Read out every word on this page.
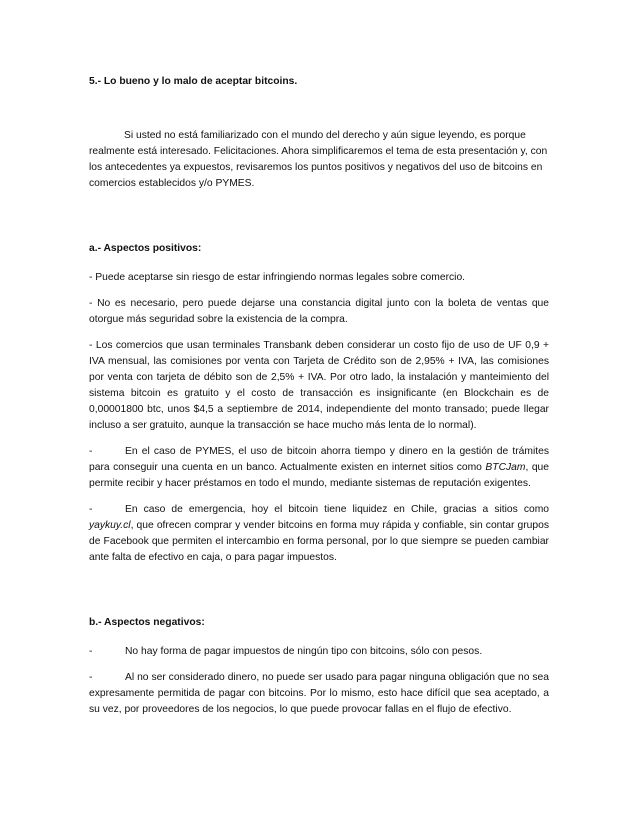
5.- Lo bueno y lo malo de aceptar bitcoins.

Si usted no está familiarizado con el mundo del derecho y aún sigue leyendo, es porque realmente está interesado. Felicitaciones. Ahora simplificaremos el tema de esta presentación y, con los antecedentes ya expuestos, revisaremos los puntos positivos y negativos del uso de bitcoins en comercios establecidos y/o PYMES.

a.- Aspectos positivos:

- Puede aceptarse sin riesgo de estar infringiendo normas legales sobre comercio.

- No es necesario, pero puede dejarse una constancia digital junto con la boleta de ventas que otorgue más seguridad sobre la existencia de la compra.

- Los comercios que usan terminales Transbank deben considerar un costo fijo de uso de UF 0,9 + IVA mensual, las comisiones por venta con Tarjeta de Crédito son de 2,95% + IVA, las comisiones por venta con tarjeta de débito son de 2,5% + IVA. Por otro lado, la instalación y manteimiento del sistema bitcoin es gratuito y el costo de transacción es insignificante (en Blockchain es de 0,00001800 btc, unos $4,5 a septiembre de 2014, independiente del monto transado; puede llegar incluso a ser gratuito, aunque la transacción se hace mucho más lenta de lo normal).

-	En el caso de PYMES, el uso de bitcoin ahorra tiempo y dinero en la gestión de trámites para conseguir una cuenta en un banco. Actualmente existen en internet sitios como BTCJam, que permite recibir y hacer préstamos en todo el mundo, mediante sistemas de reputación exigentes.

-	En caso de emergencia, hoy el bitcoin tiene liquidez en Chile, gracias a sitios como yaykuy.cl, que ofrecen comprar y vender bitcoins en forma muy rápida y confiable, sin contar grupos de Facebook que permiten el intercambio en forma personal, por lo que siempre se pueden cambiar ante falta de efectivo en caja, o para pagar impuestos.

b.- Aspectos negativos:

-	No hay forma de pagar impuestos de ningún tipo con bitcoins, sólo con pesos.

-	Al no ser considerado dinero, no puede ser usado para pagar ninguna obligación que no sea expresamente permitida de pagar con bitcoins. Por lo mismo, esto hace difícil que sea aceptado, a su vez, por proveedores de los negocios, lo que puede provocar fallas en el flujo de efectivo.
